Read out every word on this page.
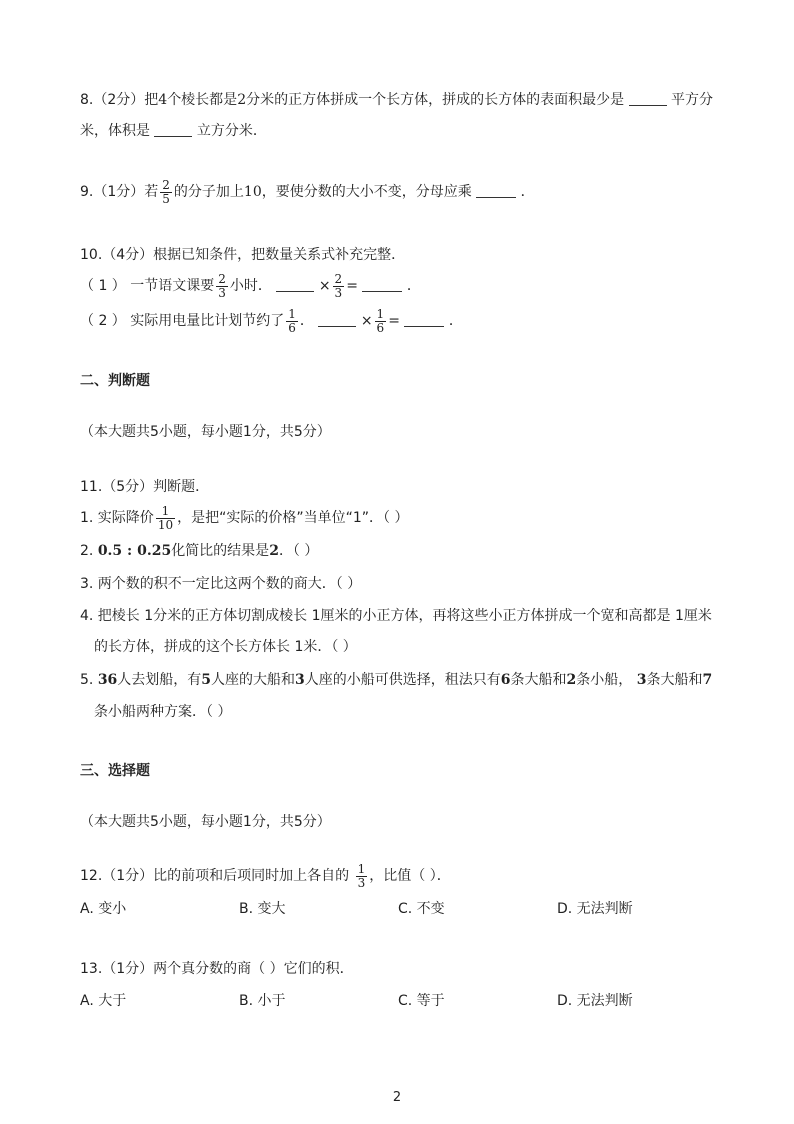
8.（2分）把4个棱长都是2分米的正方体拼成一个长方体，拼成的长方体的表面积最少是	平方分
米，体积是	立方分米．
9.（1分）若 $\frac{2}{5}$ 的分子加上10，要使分数的大小不变，分母应乘	．
10.（4分）根据已知条件，把数量关系式补充完整．
（ 1 ） 一节语文课要 $\frac{2}{3}$ 小时．	× $\frac{2}{3}$ =	．
（ 2 ） 实际用电量比计划节约了 $\frac{1}{6}$ ．	× $\frac{1}{6}$ =	．
二、判断题
（本大题共5小题，每小题1分，共5分）
11.（5分）判断题．
1. 实际降价 $\frac{1}{10}$ ，是把“实际的价格”当单位“1”．（ ）
2. 0.5 : 0.25化简比的结果是2．（ ）
3. 两个数的积不一定比这两个数的商大．（ ）
4. 把棱长 1分米的正方体切割成棱长 1厘米的小正方体，再将这些小正方体拼成一个宽和高都是 1厘米
的长方体，拼成的这个长方体长 1米．（ ）
5. 36人去划船，有5人座的大船和3人座的小船可供选择，租法只有6条大船和2条小船， 3条大船和7
条小船两种方案．（ ）
三、选择题
（本大题共5小题，每小题1分，共5分）
12.（1分）比的前项和后项同时加上各自的 $\frac{1}{3}$ ，比值（ ）．
A. 变小	B. 变大	C. 不变	D. 无法判断
13.（1分）两个真分数的商（ ）它们的积．
A. 大于	B. 小于	C. 等于	D. 无法判断
2
